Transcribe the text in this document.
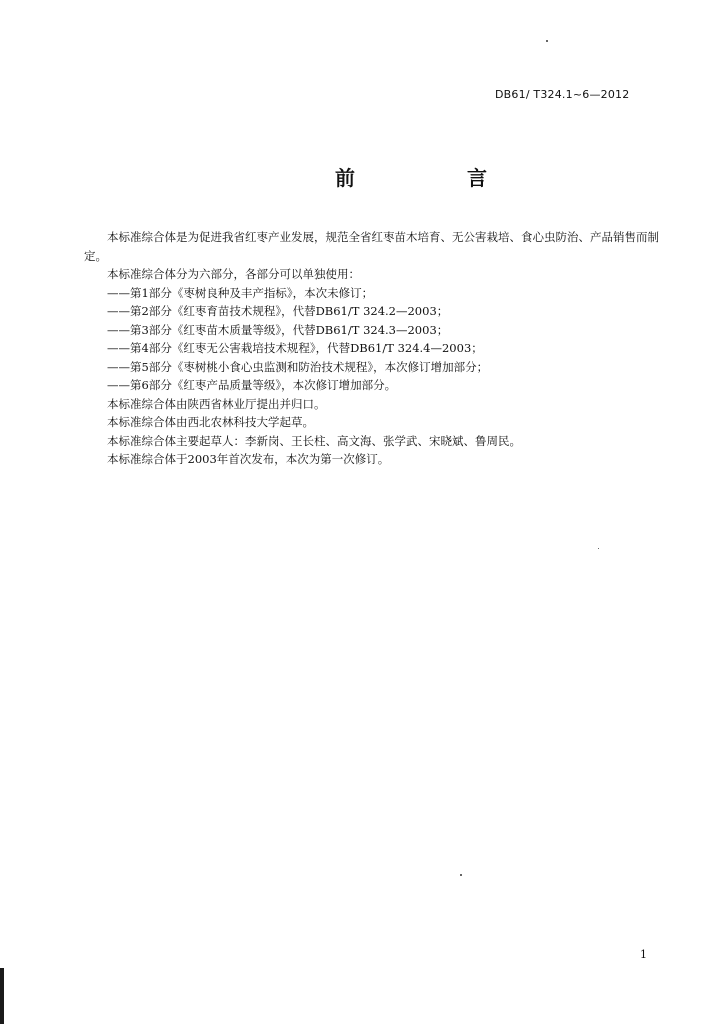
DB61/ T324.1~6—2012
前　　言

本标准综合体是为促进我省红枣产业发展，规范全省红枣苗木培育、无公害栽培、食心虫防治、产品销售而制定。

本标准综合体分为六部分，各部分可以单独使用：

——第1部分《枣树良种及丰产指标》，本次未修订；

——第2部分《红枣育苗技术规程》，代替DB61/T 324.2—2003；

——第3部分《红枣苗木质量等级》，代替DB61/T 324.3—2003；

——第4部分《红枣无公害栽培技术规程》，代替DB61/T 324.4—2003；

——第5部分《枣树桃小食心虫监测和防治技术规程》，本次修订增加部分；

——第6部分《红枣产品质量等级》，本次修订增加部分。

本标准综合体由陕西省林业厅提出并归口。

本标准综合体由西北农林科技大学起草。

本标准综合体主要起草人：李新岗、王长柱、高文海、张学武、宋晓斌、鲁周民。

本标准综合体于2003年首次发布，本次为第一次修订。

1
